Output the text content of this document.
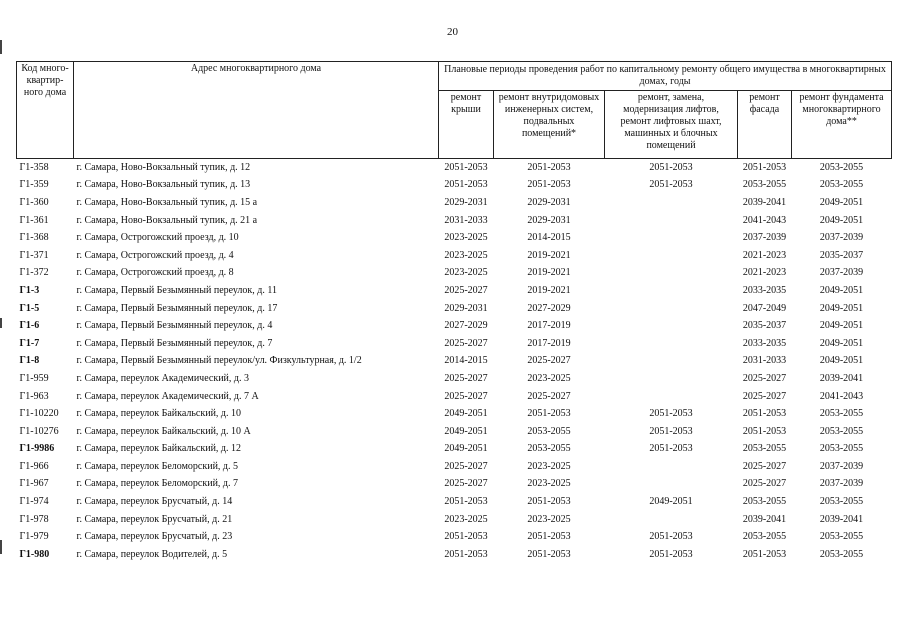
20
Код много-квартир-ного дома	Адрес многоквартирного дома	Плановые периоды проведения работ по капитальному ремонту общего имущества в многоквартирных домах, годы				
		ремонт крыши	ремонт внутридомовых инженерных систем, подвальных помещений*	ремонт, замена, модернизация лифтов, ремонт лифтовых шахт, машинных и блочных помещений	ремонт фасада	ремонт фундамента многоквартирного дома**
Г1-358	г. Самара, Ново-Вокзальный тупик, д. 12	2051-2053	2051-2053	2051-2053	2051-2053	2053-2055
Г1-359	г. Самара, Ново-Вокзальный тупик, д. 13	2051-2053	2051-2053	2051-2053	2053-2055	2053-2055
Г1-360	г. Самара, Ново-Вокзальный тупик, д. 15 а	2029-2031	2029-2031		2039-2041	2049-2051
Г1-361	г. Самара, Ново-Вокзальный тупик, д. 21 а	2031-2033	2029-2031		2041-2043	2049-2051
Г1-368	г. Самара, Острогожский проезд, д. 10	2023-2025	2014-2015		2037-2039	2037-2039
Г1-371	г. Самара, Острогожский проезд, д. 4	2023-2025	2019-2021		2021-2023	2035-2037
Г1-372	г. Самара, Острогожский проезд, д. 8	2023-2025	2019-2021		2021-2023	2037-2039
Г1-3	г. Самара, Первый Безымянный переулок, д. 11	2025-2027	2019-2021		2033-2035	2049-2051
Г1-5	г. Самара, Первый Безымянный переулок, д. 17	2029-2031	2027-2029		2047-2049	2049-2051
Г1-6	г. Самара, Первый Безымянный переулок, д. 4	2027-2029	2017-2019		2035-2037	2049-2051
Г1-7	г. Самара, Первый Безымянный переулок, д. 7	2025-2027	2017-2019		2033-2035	2049-2051
Г1-8	г. Самара, Первый Безымянный переулок/ул. Физкультурная, д. 1/2	2014-2015	2025-2027		2031-2033	2049-2051
Г1-959	г. Самара, переулок Академический, д. 3	2025-2027	2023-2025		2025-2027	2039-2041
Г1-963	г. Самара, переулок Академический, д. 7 А	2025-2027	2025-2027		2025-2027	2041-2043
Г1-10220	г. Самара, переулок Байкальский, д. 10	2049-2051	2051-2053	2051-2053	2051-2053	2053-2055
Г1-10276	г. Самара, переулок Байкальский, д. 10 А	2049-2051	2053-2055	2051-2053	2051-2053	2053-2055
Г1-9986	г. Самара, переулок Байкальский, д. 12	2049-2051	2053-2055	2051-2053	2053-2055	2053-2055
Г1-966	г. Самара, переулок Беломорский, д. 5	2025-2027	2023-2025		2025-2027	2037-2039
Г1-967	г. Самара, переулок Беломорский, д. 7	2025-2027	2023-2025		2025-2027	2037-2039
Г1-974	г. Самара, переулок Брусчатый, д. 14	2051-2053	2051-2053	2049-2051	2053-2055	2053-2055
Г1-978	г. Самара, переулок Брусчатый, д. 21	2023-2025	2023-2025		2039-2041	2039-2041
Г1-979	г. Самара, переулок Брусчатый, д. 23	2051-2053	2051-2053	2051-2053	2053-2055	2053-2055
Г1-980	г. Самара, переулок Водителей, д. 5	2051-2053	2051-2053	2051-2053	2051-2053	2053-2055
